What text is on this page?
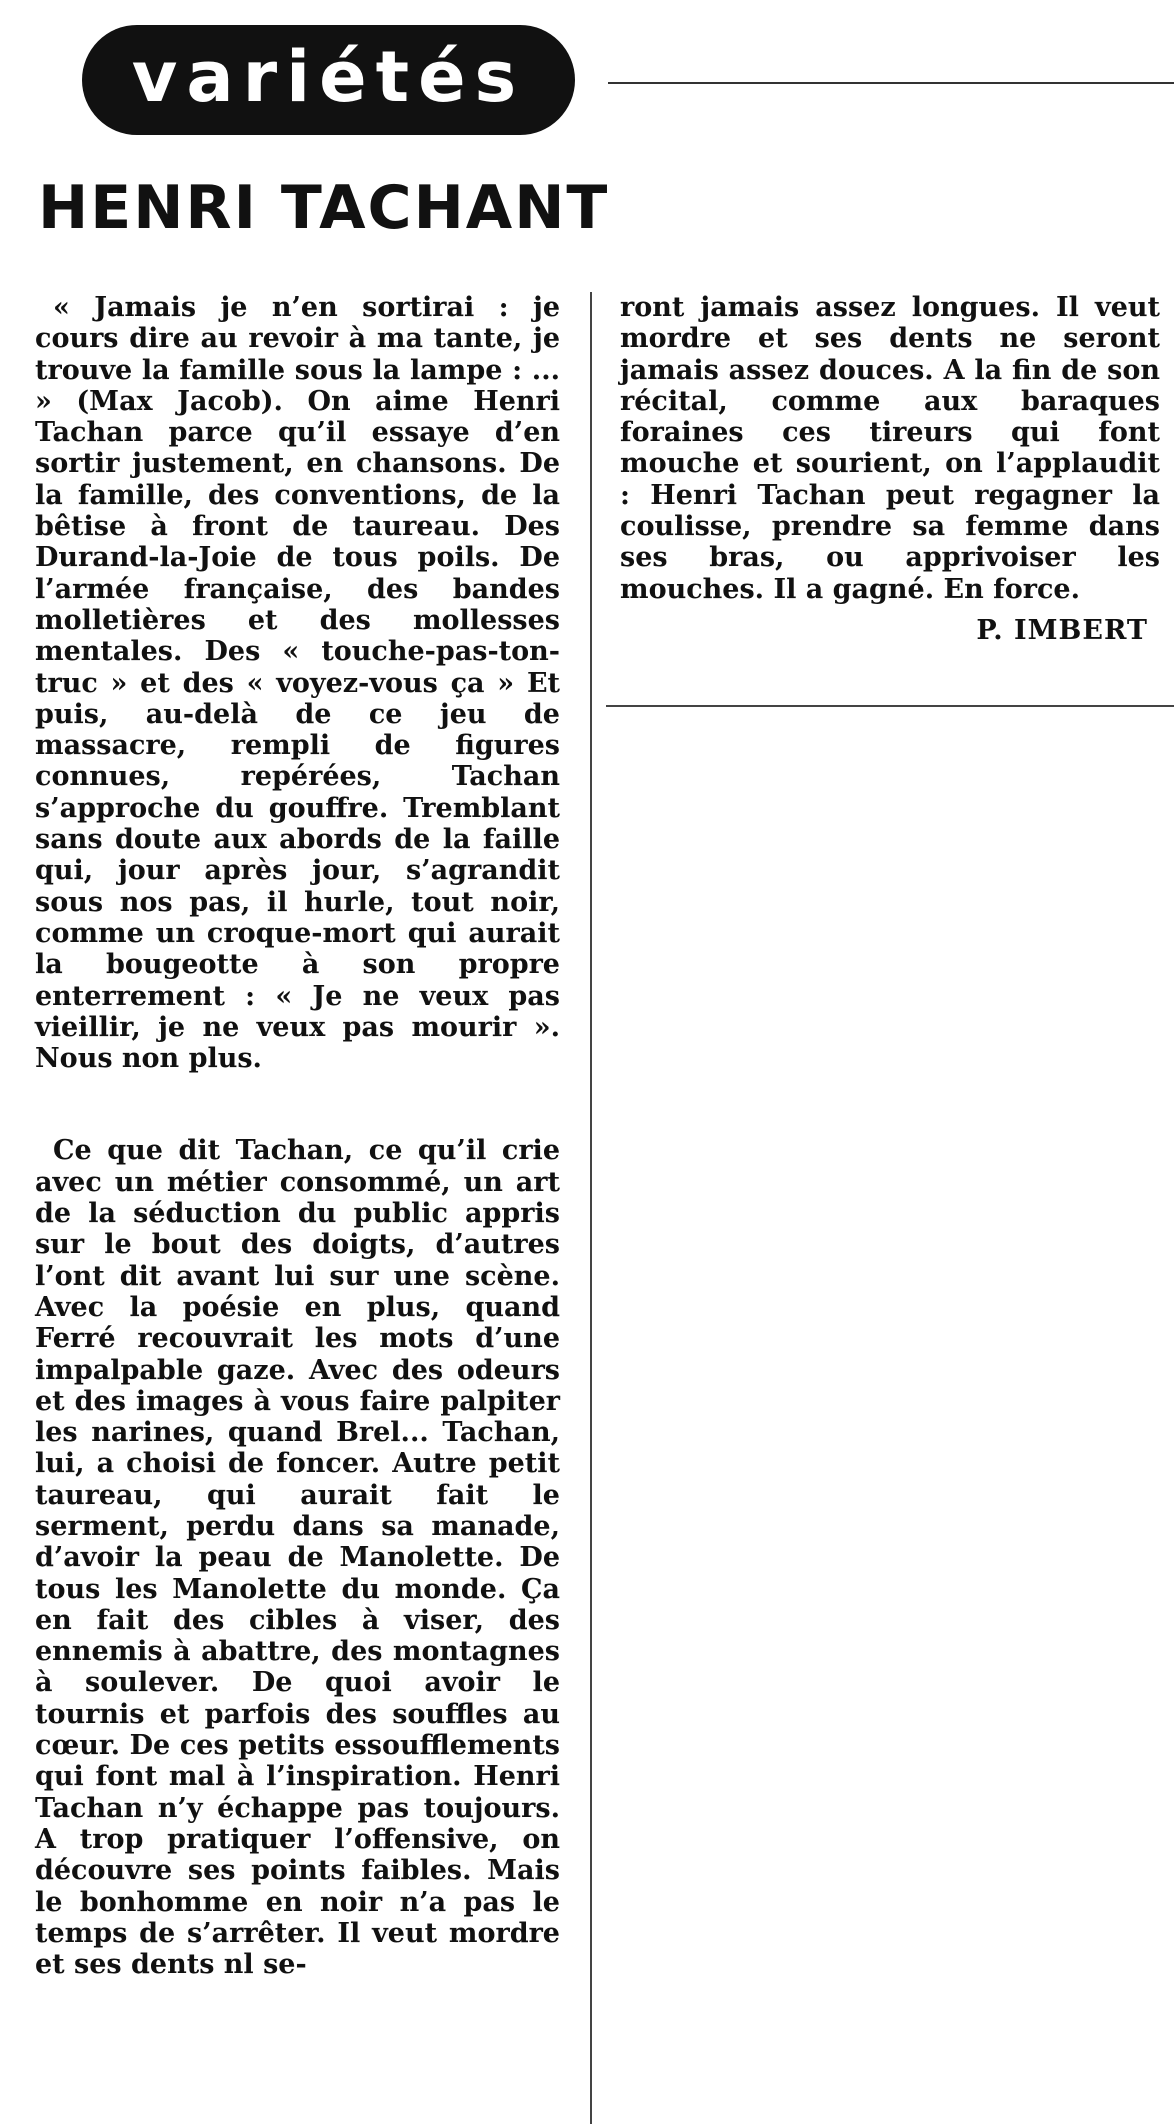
variétés
HENRI TACHANT

« Jamais je n’en sortirai : je cours dire au revoir à ma tante, je trouve la famille sous la lampe : ... » (Max Jacob). On aime Henri Tachan parce qu’il essaye d’en sortir justement, en chansons. De la famille, des conventions, de la bêtise à front de taureau. Des Durand-la-Joie de tous poils. De l’armée française, des bandes molletières et des mollesses mentales. Des « touche-pas-ton-truc » et des « voyez-vous ça » Et puis, au-delà de ce jeu de massacre, rempli de figures connues, repérées, Tachan s’approche du gouffre. Tremblant sans doute aux abords de la faille qui, jour après jour, s’agrandit sous nos pas, il hurle, tout noir, comme un croque-mort qui aurait la bougeotte à son propre enterrement : « Je ne veux pas vieillir, je ne veux pas mourir ». Nous non plus.

Ce que dit Tachan, ce qu’il crie avec un métier consommé, un art de la séduction du public appris sur le bout des doigts, d’autres l’ont dit avant lui sur une scène. Avec la poésie en plus, quand Ferré recouvrait les mots d’une impalpable gaze. Avec des odeurs et des images à vous faire palpiter les narines, quand Brel... Tachan, lui, a choisi de foncer. Autre petit taureau, qui aurait fait le serment, perdu dans sa manade, d’avoir la peau de Manolette. De tous les Manolette du monde. Ça en fait des cibles à viser, des ennemis à abattre, des montagnes à soulever. De quoi avoir le tournis et parfois des souffles au cœur. De ces petits essoufflements qui font mal à l’inspiration. Henri Tachan n’y échappe pas toujours. A trop pratiquer l’offensive, on découvre ses points faibles. Mais le bonhomme en noir n’a pas le temps de s’arrêter. Il veut mordre et ses dents nl se-

ront jamais assez longues. Il veut mordre et ses dents ne seront jamais assez douces. A la fin de son récital, comme aux baraques foraines ces tireurs qui font mouche et sourient, on l’applaudit : Henri Tachan peut regagner la coulisse, prendre sa femme dans ses bras, ou apprivoiser les mouches. Il a gagné. En force.

P. IMBERT
